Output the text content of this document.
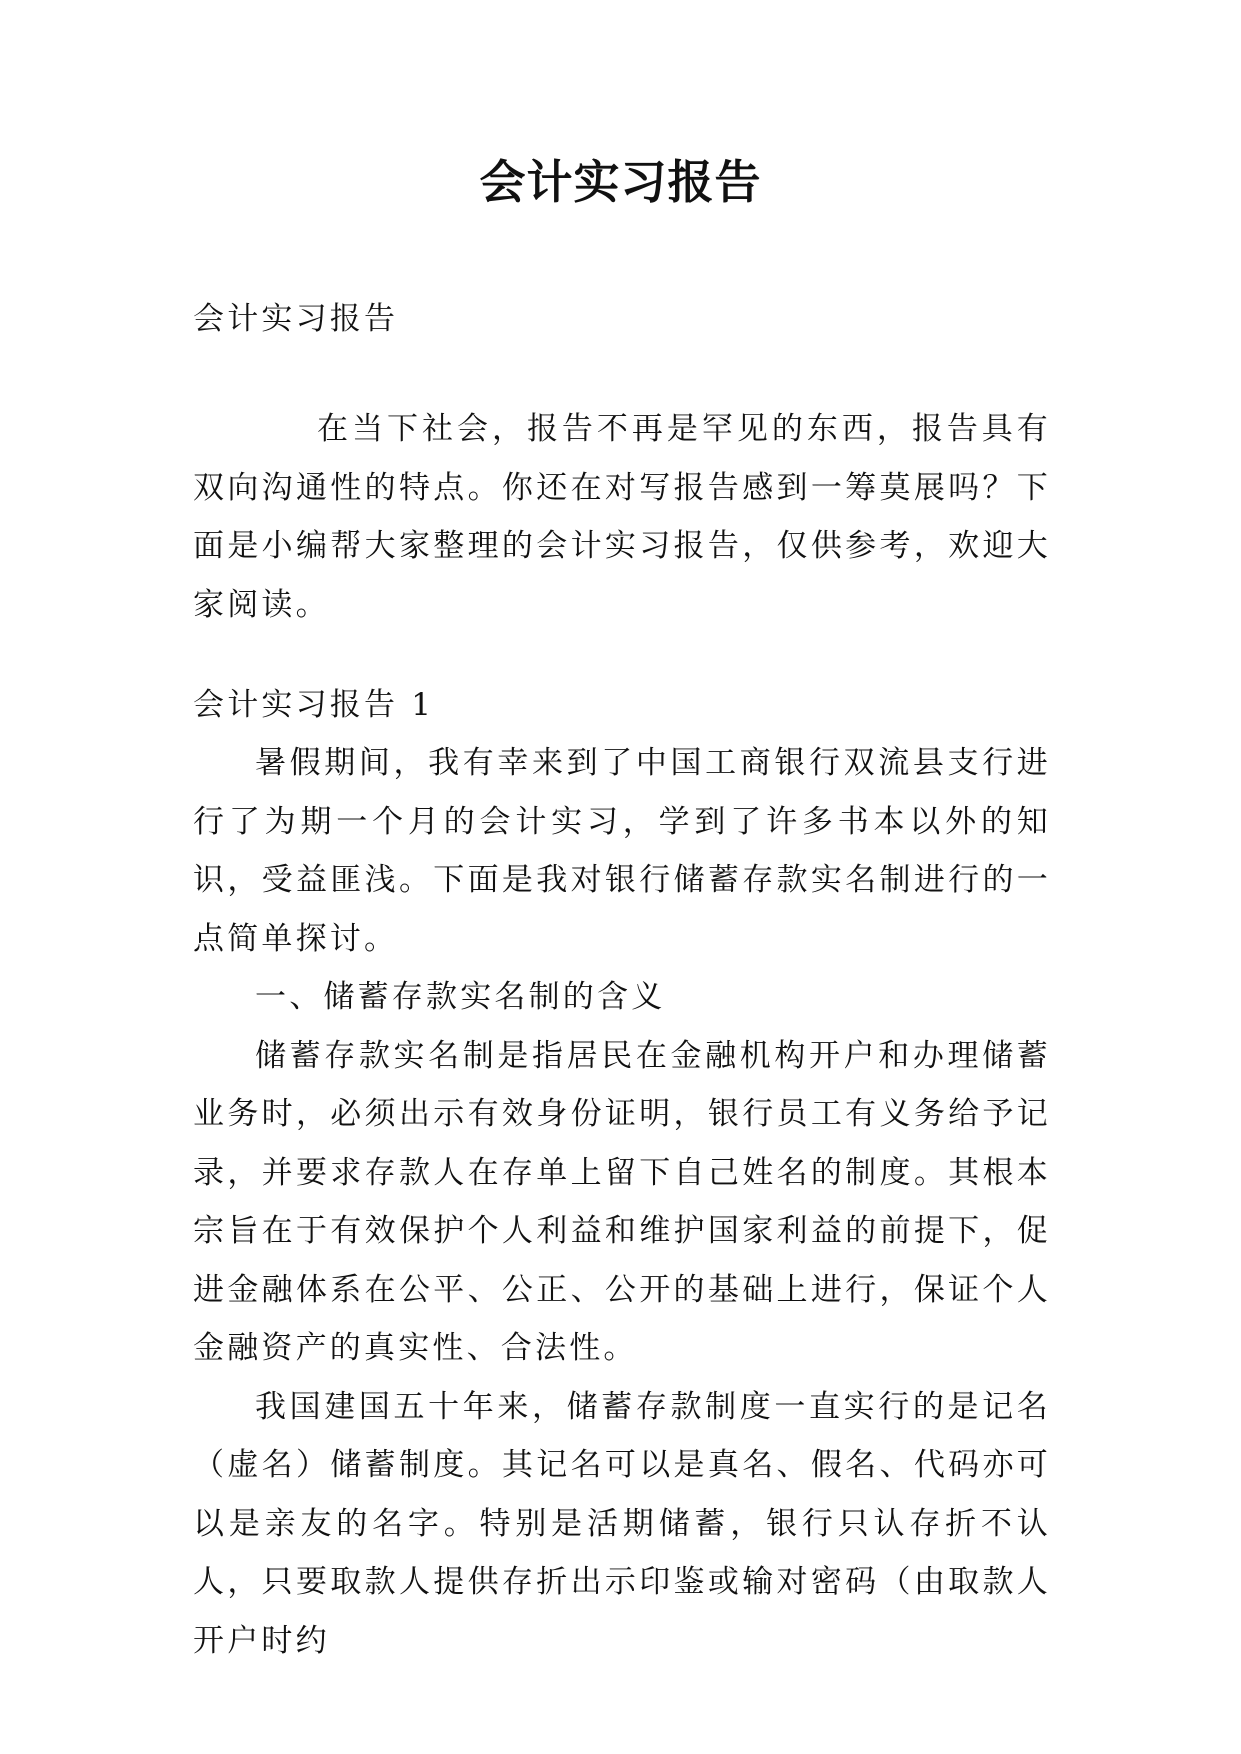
会计实习报告

会计实习报告

在当下社会，报告不再是罕见的东西，报告具有双向沟通性的特点。你还在对写报告感到一筹莫展吗？下面是小编帮大家整理的会计实习报告，仅供参考，欢迎大家阅读。

会计实习报告 1

暑假期间，我有幸来到了中国工商银行双流县支行进行了为期一个月的会计实习，学到了许多书本以外的知识，受益匪浅。下面是我对银行储蓄存款实名制进行的一点简单探讨。

一、储蓄存款实名制的含义

储蓄存款实名制是指居民在金融机构开户和办理储蓄业务时，必须出示有效身份证明，银行员工有义务给予记录，并要求存款人在存单上留下自己姓名的制度。其根本宗旨在于有效保护个人利益和维护国家利益的前提下，促进金融体系在公平、公正、公开的基础上进行，保证个人金融资产的真实性、合法性。

我国建国五十年来，储蓄存款制度一直实行的是记名（虚名）储蓄制度。其记名可以是真名、假名、代码亦可以是亲友的名字。特别是活期储蓄，银行只认存折不认人，只要取款人提供存折出示印鉴或输对密码（由取款人开户时约
